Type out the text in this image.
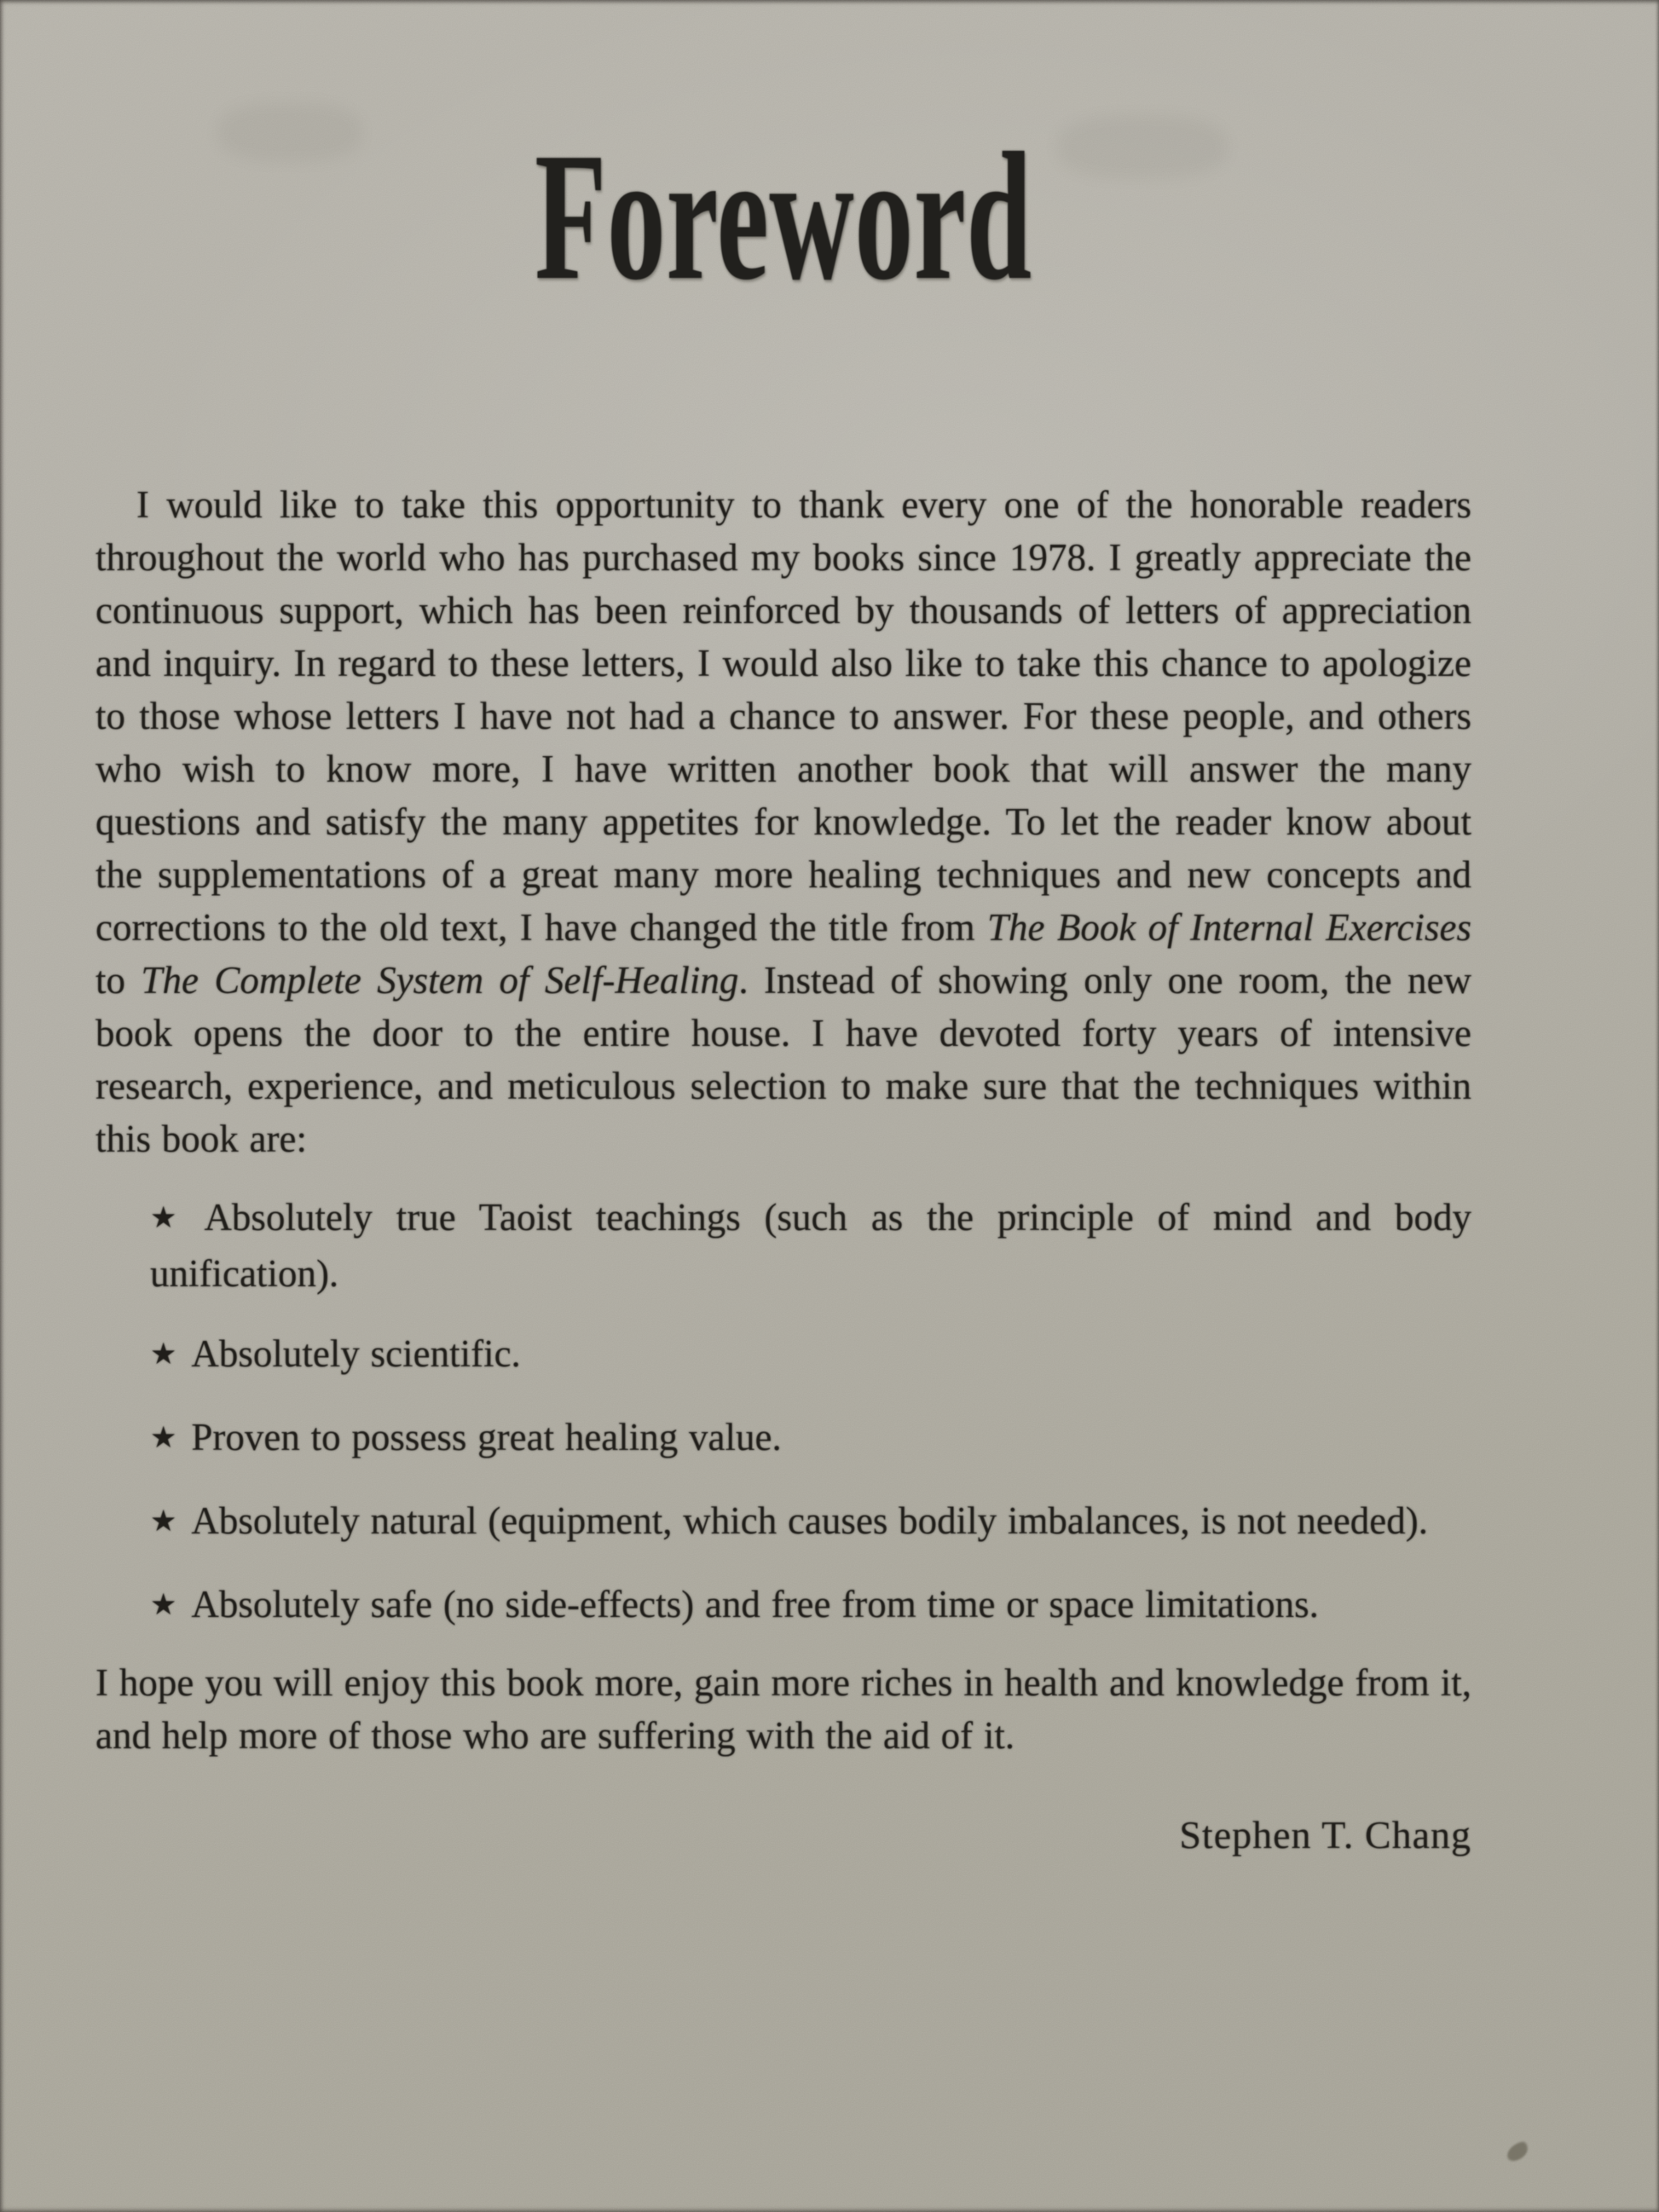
Foreword

I would like to take this opportunity to thank every one of the honorable readers throughout the world who has purchased my books since 1978. I greatly appreciate the continuous support, which has been reinforced by thousands of letters of appreciation and inquiry. In regard to these letters, I would also like to take this chance to apologize to those whose letters I have not had a chance to answer. For these people, and others who wish to know more, I have written another book that will answer the many questions and satisfy the many appetites for knowledge. To let the reader know about the supplementations of a great many more healing techniques and new concepts and corrections to the old text, I have changed the title from The Book of Internal Exercises to The Complete System of Self-Healing. Instead of showing only one room, the new book opens the door to the entire house. I have devoted forty years of intensive research, experience, and meticulous selection to make sure that the techniques within this book are:

★ Absolutely true Taoist teachings (such as the principle of mind and body unification).
★ Absolutely scientific.
★ Proven to possess great healing value.
★ Absolutely natural (equipment, which causes bodily imbalances, is not needed).
★ Absolutely safe (no side-effects) and free from time or space limitations.

I hope you will enjoy this book more, gain more riches in health and knowledge from it, and help more of those who are suffering with the aid of it.

Stephen T. Chang
